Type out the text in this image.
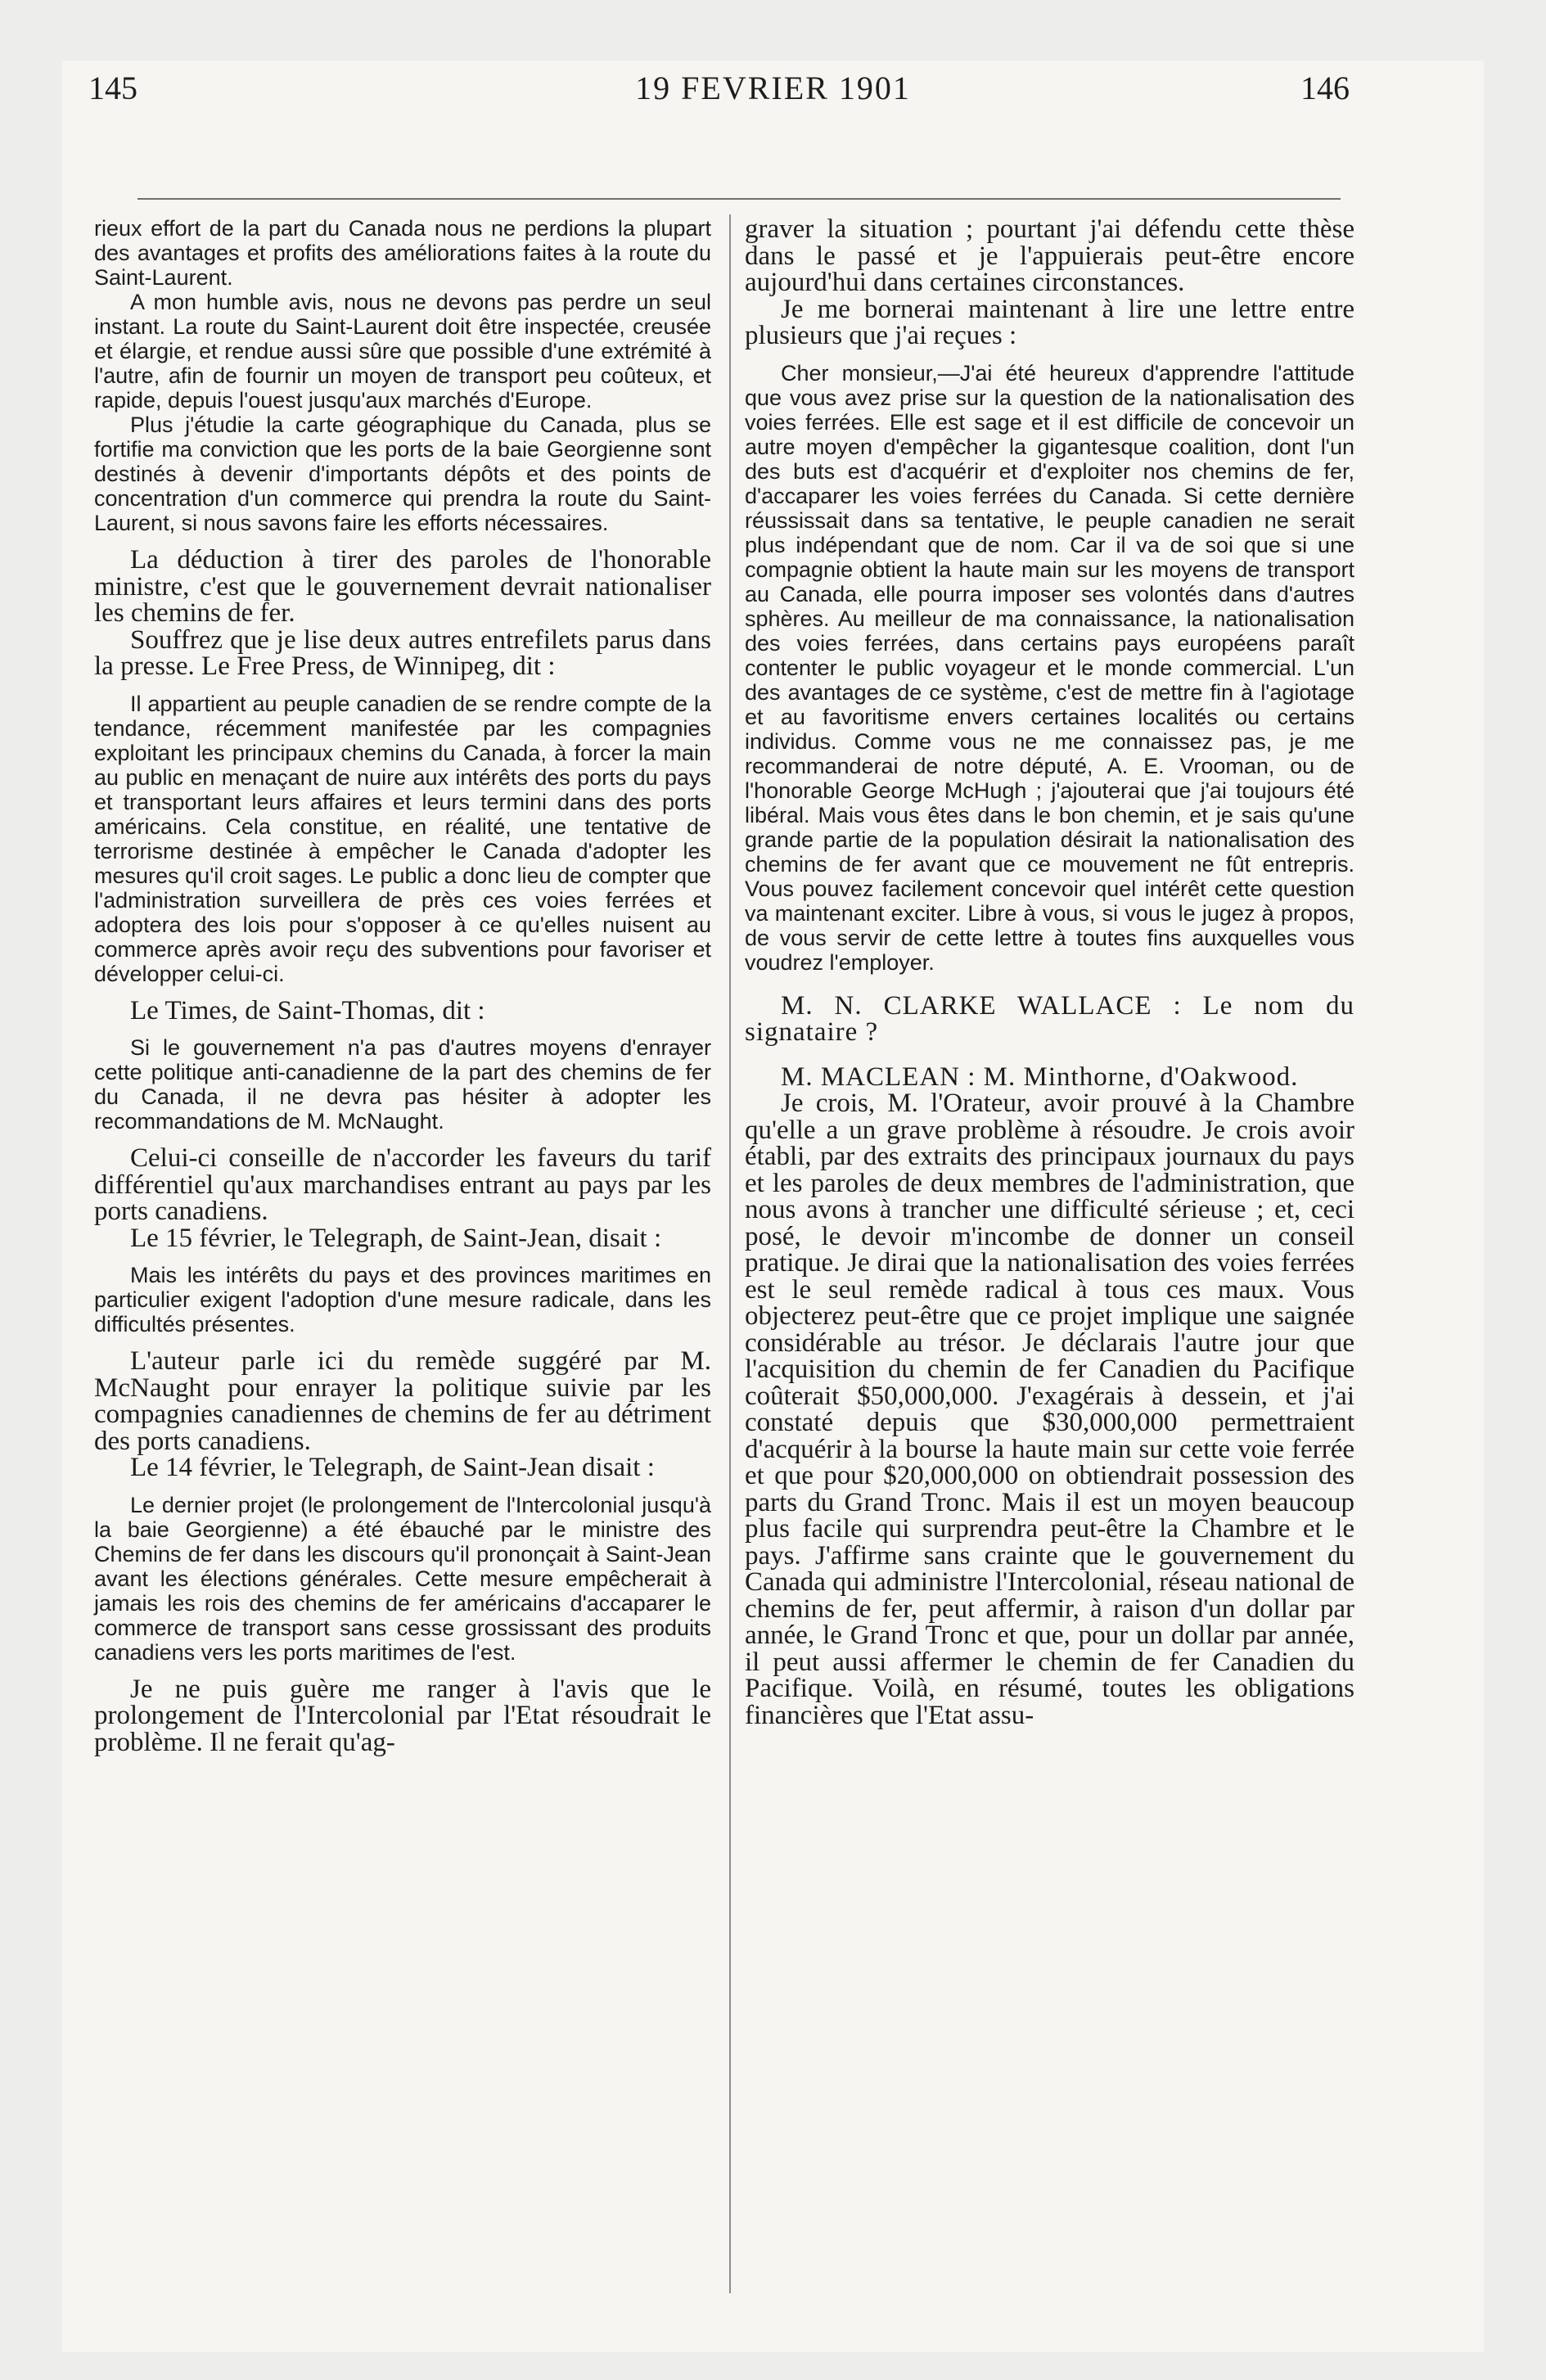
145	19 FEVRIER 1901	146

rieux effort de la part du Canada nous ne perdions la plupart des avantages et profits des améliorations faites à la route du Saint-Laurent.

A mon humble avis, nous ne devons pas perdre un seul instant. La route du Saint-Laurent doit être inspectée, creusée et élargie, et rendue aussi sûre que possible d'une extrémité à l'autre, afin de fournir un moyen de transport peu coûteux, et rapide, depuis l'ouest jusqu'aux marchés d'Europe.

Plus j'étudie la carte géographique du Canada, plus se fortifie ma conviction que les ports de la baie Georgienne sont destinés à devenir d'importants dépôts et des points de concentration d'un commerce qui prendra la route du Saint-Laurent, si nous savons faire les efforts nécessaires.

La déduction à tirer des paroles de l'honorable ministre, c'est que le gouvernement devrait nationaliser les chemins de fer.

Souffrez que je lise deux autres entrefilets parus dans la presse. Le Free Press, de Winnipeg, dit :

Il appartient au peuple canadien de se rendre compte de la tendance, récemment manifestée par les compagnies exploitant les principaux chemins du Canada, à forcer la main au public en menaçant de nuire aux intérêts des ports du pays et transportant leurs affaires et leurs termini dans des ports américains. Cela constitue, en réalité, une tentative de terrorisme destinée à empêcher le Canada d'adopter les mesures qu'il croit sages. Le public a donc lieu de compter que l'administration surveillera de près ces voies ferrées et adoptera des lois pour s'opposer à ce qu'elles nuisent au commerce après avoir reçu des subventions pour favoriser et développer celui-ci.

Le Times, de Saint-Thomas, dit :

Si le gouvernement n'a pas d'autres moyens d'enrayer cette politique anti-canadienne de la part des chemins de fer du Canada, il ne devra pas hésiter à adopter les recommandations de M. McNaught.

Celui-ci conseille de n'accorder les faveurs du tarif différentiel qu'aux marchandises entrant au pays par les ports canadiens.

Le 15 février, le Telegraph, de Saint-Jean, disait :

Mais les intérêts du pays et des provinces maritimes en particulier exigent l'adoption d'une mesure radicale, dans les difficultés présentes.

L'auteur parle ici du remède suggéré par M. McNaught pour enrayer la politique suivie par les compagnies canadiennes de chemins de fer au détriment des ports canadiens.

Le 14 février, le Telegraph, de Saint-Jean disait :

Le dernier projet (le prolongement de l'Intercolonial jusqu'à la baie Georgienne) a été ébauché par le ministre des Chemins de fer dans les discours qu'il prononçait à Saint-Jean avant les élections générales. Cette mesure empêcherait à jamais les rois des chemins de fer américains d'accaparer le commerce de transport sans cesse grossissant des produits canadiens vers les ports maritimes de l'est.

Je ne puis guère me ranger à l'avis que le prolongement de l'Intercolonial par l'Etat résoudrait le problème. Il ne ferait qu'ag-

graver la situation ; pourtant j'ai défendu cette thèse dans le passé et je l'appuierais peut-être encore aujourd'hui dans certaines circonstances.

Je me bornerai maintenant à lire une lettre entre plusieurs que j'ai reçues :

Cher monsieur,—J'ai été heureux d'apprendre l'attitude que vous avez prise sur la question de la nationalisation des voies ferrées. Elle est sage et il est difficile de concevoir un autre moyen d'empêcher la gigantesque coalition, dont l'un des buts est d'acquérir et d'exploiter nos chemins de fer, d'accaparer les voies ferrées du Canada. Si cette dernière réussissait dans sa tentative, le peuple canadien ne serait plus indépendant que de nom. Car il va de soi que si une compagnie obtient la haute main sur les moyens de transport au Canada, elle pourra imposer ses volontés dans d'autres sphères. Au meilleur de ma connaissance, la nationalisation des voies ferrées, dans certains pays européens paraît contenter le public voyageur et le monde commercial. L'un des avantages de ce système, c'est de mettre fin à l'agiotage et au favoritisme envers certaines localités ou certains individus. Comme vous ne me connaissez pas, je me recommanderai de notre député, A. E. Vrooman, ou de l'honorable George McHugh ; j'ajouterai que j'ai toujours été libéral. Mais vous êtes dans le bon chemin, et je sais qu'une grande partie de la population désirait la nationalisation des chemins de fer avant que ce mouvement ne fût entrepris. Vous pouvez facilement concevoir quel intérêt cette question va maintenant exciter. Libre à vous, si vous le jugez à propos, de vous servir de cette lettre à toutes fins auxquelles vous voudrez l'employer.

M. N. CLARKE WALLACE : Le nom du signataire ?

M. MACLEAN : M. Minthorne, d'Oakwood.

Je crois, M. l'Orateur, avoir prouvé à la Chambre qu'elle a un grave problème à résoudre. Je crois avoir établi, par des extraits des principaux journaux du pays et les paroles de deux membres de l'administration, que nous avons à trancher une difficulté sérieuse ; et, ceci posé, le devoir m'incombe de donner un conseil pratique. Je dirai que la nationalisation des voies ferrées est le seul remède radical à tous ces maux. Vous objecterez peut-être que ce projet implique une saignée considérable au trésor. Je déclarais l'autre jour que l'acquisition du chemin de fer Canadien du Pacifique coûterait $50,000,000. J'exagérais à dessein, et j'ai constaté depuis que $30,000,000 permettraient d'acquérir à la bourse la haute main sur cette voie ferrée et que pour $20,000,000 on obtiendrait possession des parts du Grand Tronc. Mais il est un moyen beaucoup plus facile qui surprendra peut-être la Chambre et le pays. J'affirme sans crainte que le gouvernement du Canada qui administre l'Intercolonial, réseau national de chemins de fer, peut affermir, à raison d'un dollar par année, le Grand Tronc et que, pour un dollar par année, il peut aussi affermer le chemin de fer Canadien du Pacifique. Voilà, en résumé, toutes les obligations financières que l'Etat assu-
